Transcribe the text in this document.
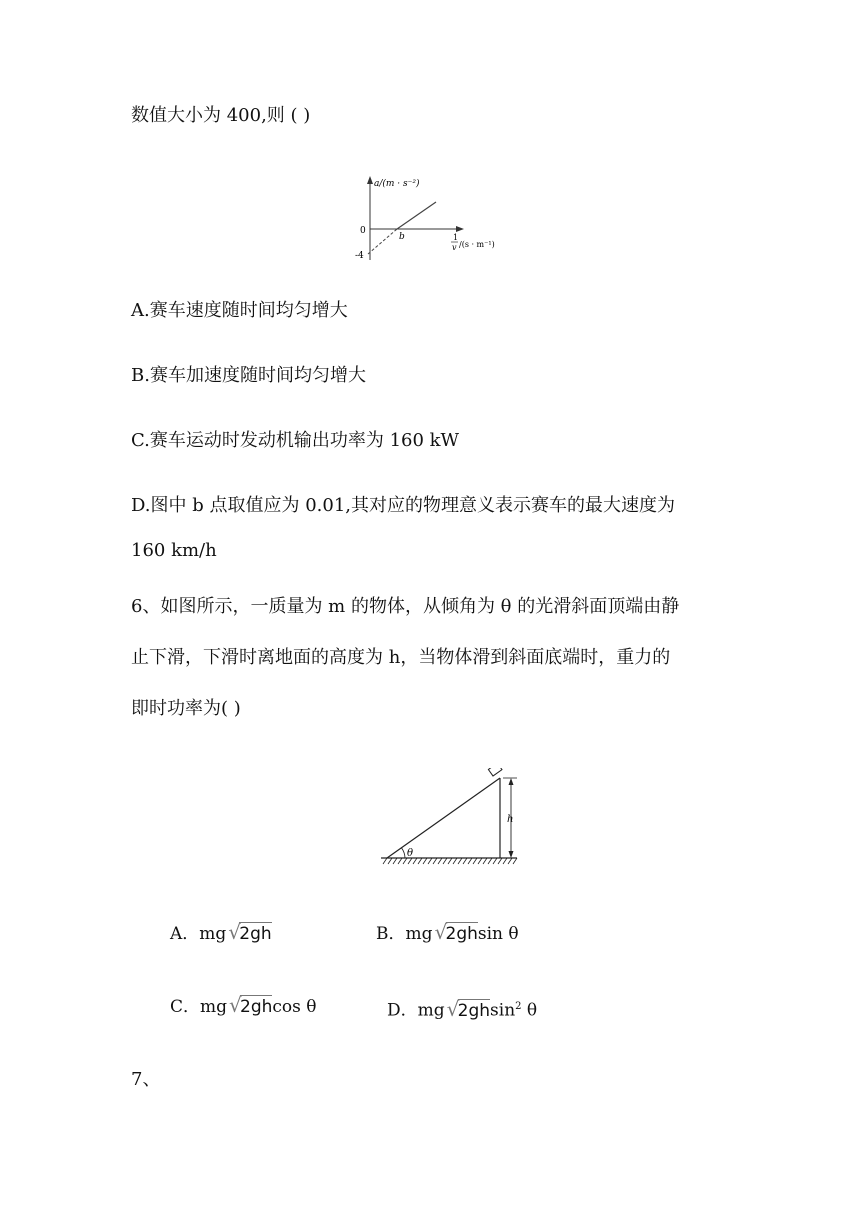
数值大小为 400,则 ( )
a/(m · s⁻²)
0
-4
b	1
v /(s · m⁻¹)
A.赛车速度随时间均匀增大
B.赛车加速度随时间均匀增大
C.赛车运动时发动机输出功率为 160 kW
D.图中 b 点取值应为 0.01,其对应的物理意义表示赛车的最大速度为
160 km/h
6、如图所示，一质量为 m 的物体，从倾角为 θ 的光滑斜面顶端由静
止下滑，下滑时离地面的高度为 h，当物体滑到斜面底端时，重力的
即时功率为( )
θ
h
A．mg √
2gh	B．mg √
2ghsin θ
C．mg √
2ghcos θ	D．mg √
2ghsin$^2$ θ
7、
